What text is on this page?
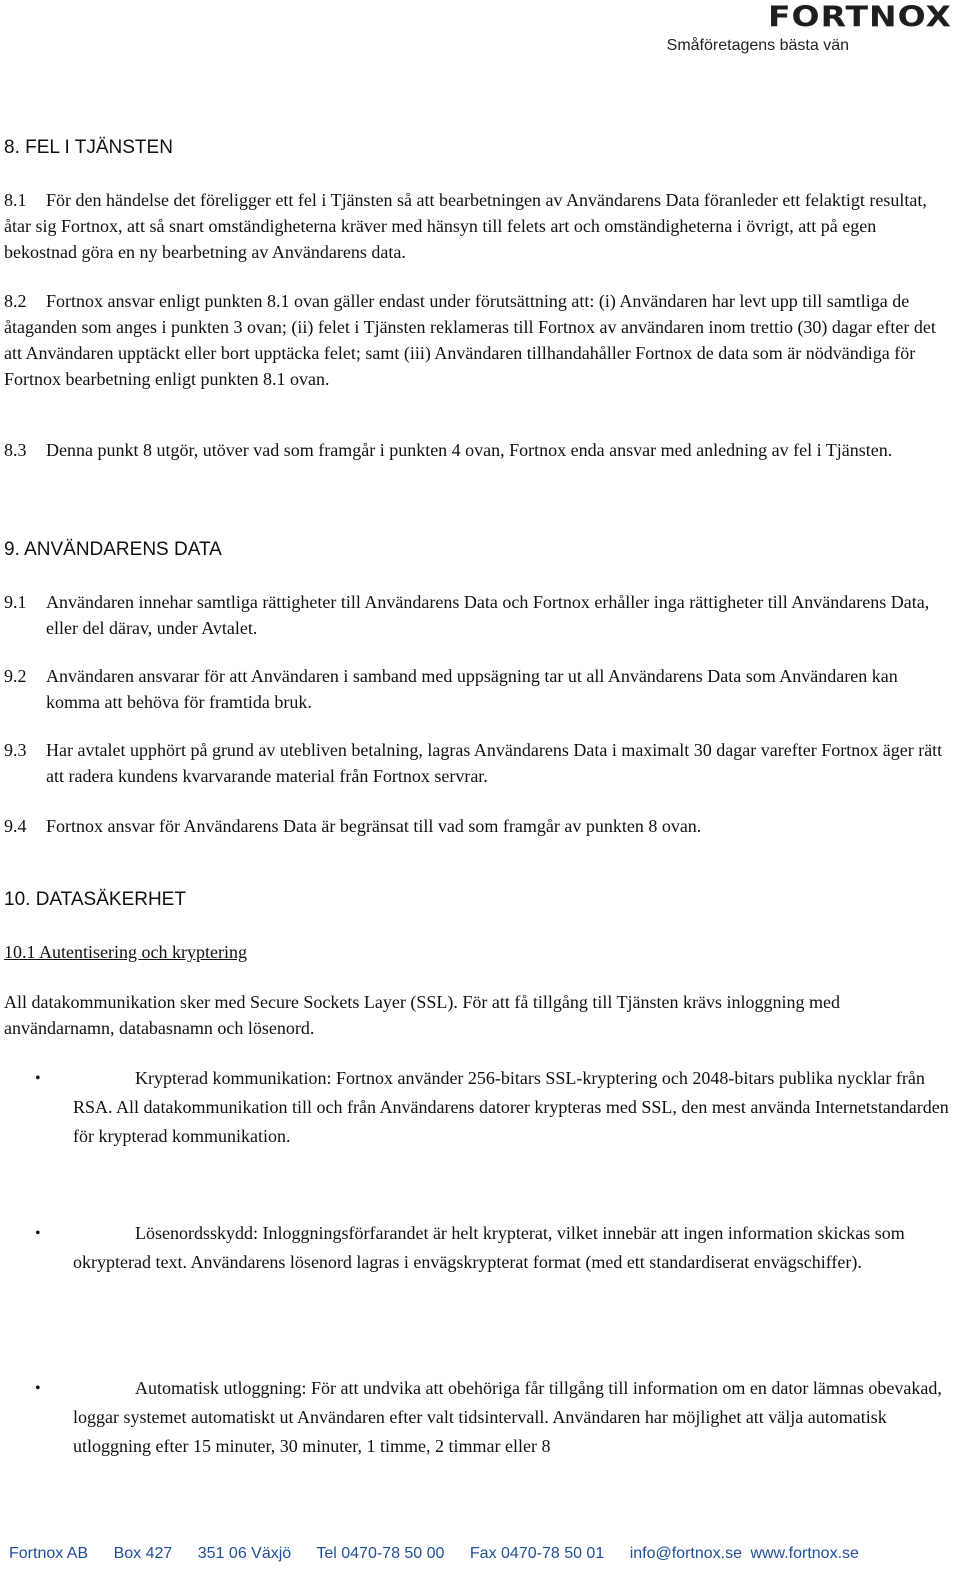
FORTNOX
Småföretagens bästa vän
8. FEL I TJÄNSTEN
8.1	För den händelse det föreligger ett fel i Tjänsten så att bearbetningen av Användarens Data föranleder ett felaktigt resultat, åtar sig Fortnox, att så snart omständigheterna kräver med hänsyn till felets art och omständigheterna i övrigt, att på egen bekostnad göra en ny bearbetning av Användarens data.
8.2	Fortnox ansvar enligt punkten 8.1 ovan gäller endast under förutsättning att: (i) Användaren har levt upp till samtliga de åtaganden som anges i punkten 3 ovan; (ii) felet i Tjänsten reklameras till Fortnox av användaren inom trettio (30) dagar efter det att Användaren upptäckt eller bort upptäcka felet; samt (iii) Användaren tillhandahåller Fortnox de data som är nödvändiga för Fortnox bearbetning enligt punkten 8.1 ovan.
8.3	Denna punkt 8 utgör, utöver vad som framgår i punkten 4 ovan, Fortnox enda ansvar med anledning av fel i Tjänsten.
9. ANVÄNDARENS DATA
9.1	Användaren innehar samtliga rättigheter till Användarens Data och Fortnox erhåller inga rättigheter till Användarens Data, eller del därav, under Avtalet.
9.2	Användaren ansvarar för att Användaren i samband med uppsägning tar ut all Användarens Data som Användaren kan komma att behöva för framtida bruk.
9.3	Har avtalet upphört på grund av utebliven betalning, lagras Användarens Data i maximalt 30 dagar varefter Fortnox äger rätt att radera kundens kvarvarande material från Fortnox servrar.
9.4	Fortnox ansvar för Användarens Data är begränsat till vad som framgår av punkten 8 ovan.
10. DATASÄKERHET

10.1 Autentisering och kryptering

All datakommunikation sker med Secure Sockets Layer (SSL). För att få tillgång till Tjänsten krävs inloggning med användarnamn, databasnamn och lösenord.
•	Krypterad kommunikation: Fortnox använder 256-bitars SSL-kryptering och 2048-bitars publika nycklar från RSA. All datakommunikation till och från Användarens datorer krypteras med SSL, den mest använda Internetstandarden för krypterad kommunikation.
•	Lösenordsskydd: Inloggningsförfarandet är helt krypterat, vilket innebär att ingen information skickas som okrypterad text. Användarens lösenord lagras i envägskrypterat format (med ett standardiserat envägschiffer).
•	Automatisk utloggning: För att undvika att obehöriga får tillgång till information om en dator lämnas obevakad, loggar systemet automatiskt ut Användaren efter valt tidsintervall. Användaren har möjlighet att välja automatisk utloggning efter 15 minuter, 30 minuter, 1 timme, 2 timmar eller 8
Fortnox AB Box 427 351 06 Växjö Tel 0470-78 50 00 Fax 0470-78 50 01 info@fortnox.se www.fortnox.se
